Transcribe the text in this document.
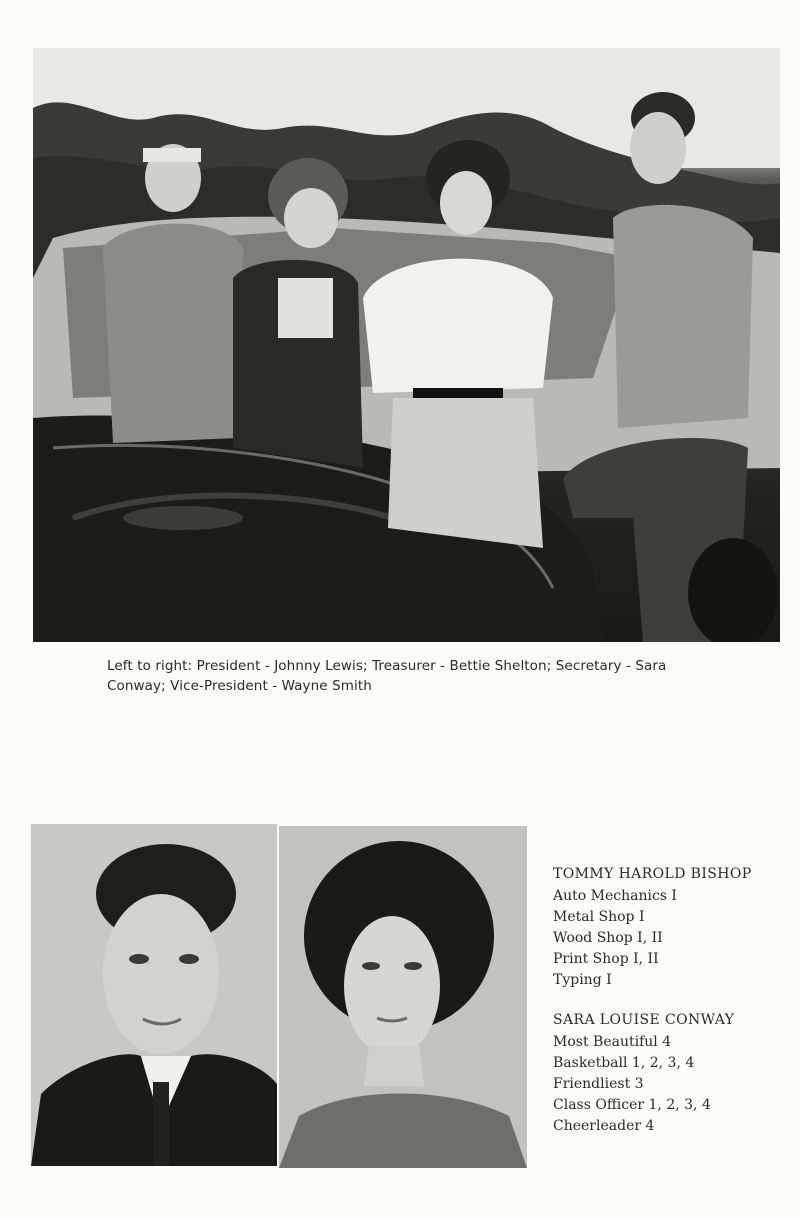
Left to right: President - Johnny Lewis; Treasurer - Bettie Shelton; Secretary - Sara
Conway; Vice-President - Wayne Smith
TOMMY HAROLD BISHOP
Auto Mechanics I
Metal Shop I
Wood Shop I, II
Print Shop I, II
Typing I
SARA LOUISE CONWAY
Most Beautiful 4
Basketball 1, 2, 3, 4
Friendliest 3
Class Officer 1, 2, 3, 4
Cheerleader 4
